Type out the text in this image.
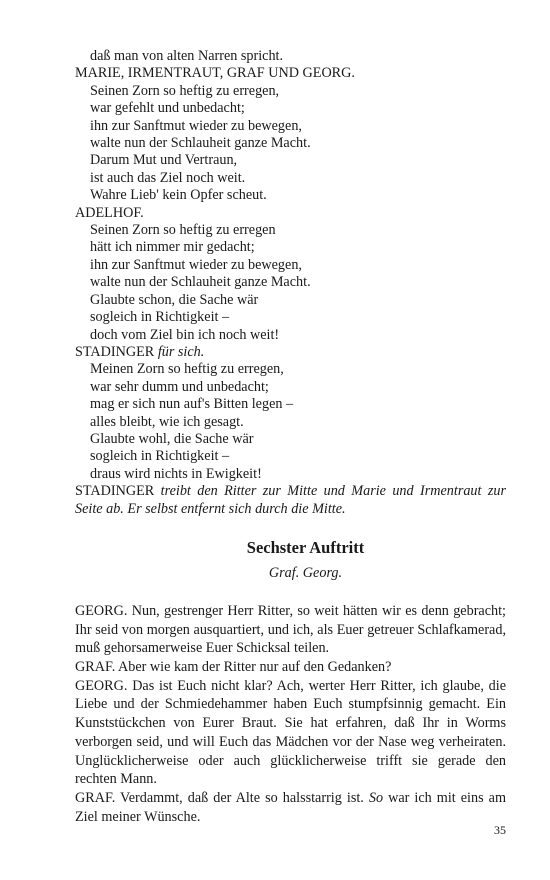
daß man von alten Narren spricht.
MARIE, IRMENTRAUT, GRAF UND GEORG.
Seinen Zorn so heftig zu erregen,
war gefehlt und unbedacht;
ihn zur Sanftmut wieder zu bewegen,
walte nun der Schlauheit ganze Macht.
Darum Mut und Vertraun,
ist auch das Ziel noch weit.
Wahre Lieb' kein Opfer scheut.
ADELHOF.
Seinen Zorn so heftig zu erregen
hätt ich nimmer mir gedacht;
ihn zur Sanftmut wieder zu bewegen,
walte nun der Schlauheit ganze Macht.
Glaubte schon, die Sache wär
sogleich in Richtigkeit –
doch vom Ziel bin ich noch weit!
STADINGER für sich.
Meinen Zorn so heftig zu erregen,
war sehr dumm und unbedacht;
mag er sich nun auf's Bitten legen –
alles bleibt, wie ich gesagt.
Glaubte wohl, die Sache wär
sogleich in Richtigkeit –
draus wird nichts in Ewigkeit!
STADINGER treibt den Ritter zur Mitte und Marie und Irmentraut zur Seite ab. Er selbst entfernt sich durch die Mitte.
Sechster Auftritt
Graf. Georg.

GEORG. Nun, gestrenger Herr Ritter, so weit hätten wir es denn gebracht; Ihr seid von morgen ausquartiert, und ich, als Euer getreuer Schlafkamerad, muß gehorsamerweise Euer Schicksal teilen.

GRAF. Aber wie kam der Ritter nur auf den Gedanken?

GEORG. Das ist Euch nicht klar? Ach, werter Herr Ritter, ich glaube, die Liebe und der Schmiedehammer haben Euch stumpfsinnig gemacht. Ein Kunststückchen von Eurer Braut. Sie hat erfahren, daß Ihr in Worms verborgen seid, und will Euch das Mädchen vor der Nase weg verheiraten. Unglücklicherweise oder auch glücklicherweise trifft sie gerade den rechten Mann.

GRAF. Verdammt, daß der Alte so halsstarrig ist. So war ich mit eins am Ziel meiner Wünsche.

35
